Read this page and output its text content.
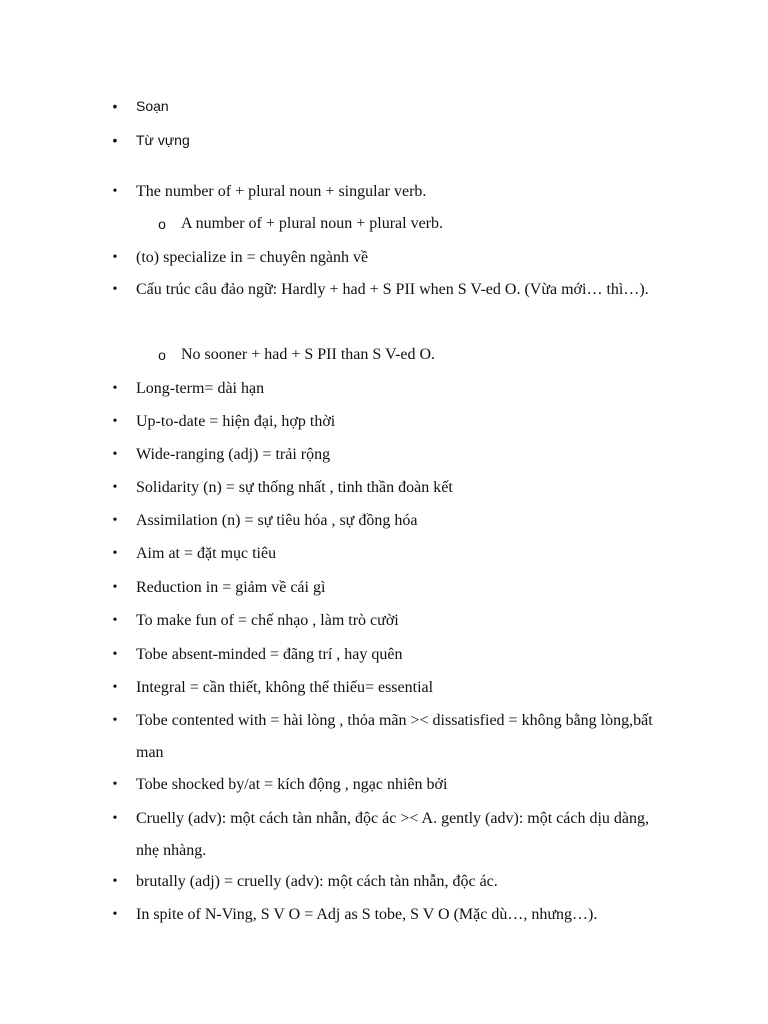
• Soạn
• Từ vựng
• The number of + plural noun + singular verb.
o A number of + plural noun + plural verb.
• (to) specialize in = chuyên ngành về
• Cấu trúc câu đảo ngữ: Hardly + had + S PII when S V-ed O. (Vừa mới… thì…).
o No sooner + had + S PII than S V-ed O.
• Long-term= dài hạn
• Up-to-date = hiện đại, hợp thời
• Wide-ranging (adj) = trải rộng
• Solidarity (n) = sự thống nhất , tinh thần đoàn kết
• Assimilation (n) = sự tiêu hóa , sự đồng hóa
• Aim at = đặt mục tiêu
• Reduction in = giảm về cái gì
• To make fun of = chế nhạo , làm trò cười
• Tobe absent-minded = đãng trí , hay quên
• Integral = cần thiết, không thể thiếu= essential
• Tobe contented with = hài lòng , thỏa mãn >< dissatisfied = không bằng lòng,bất man
• Tobe shocked by/at = kích động , ngạc nhiên bởi
• Cruelly (adv): một cách tàn nhẫn, độc ác >< A. gently (adv): một cách dịu dàng, nhẹ nhàng.
• brutally (adj) = cruelly (adv): một cách tàn nhẫn, độc ác.
• In spite of N-Ving, S V O = Adj as S tobe, S V O (Mặc dù…, nhưng…).
